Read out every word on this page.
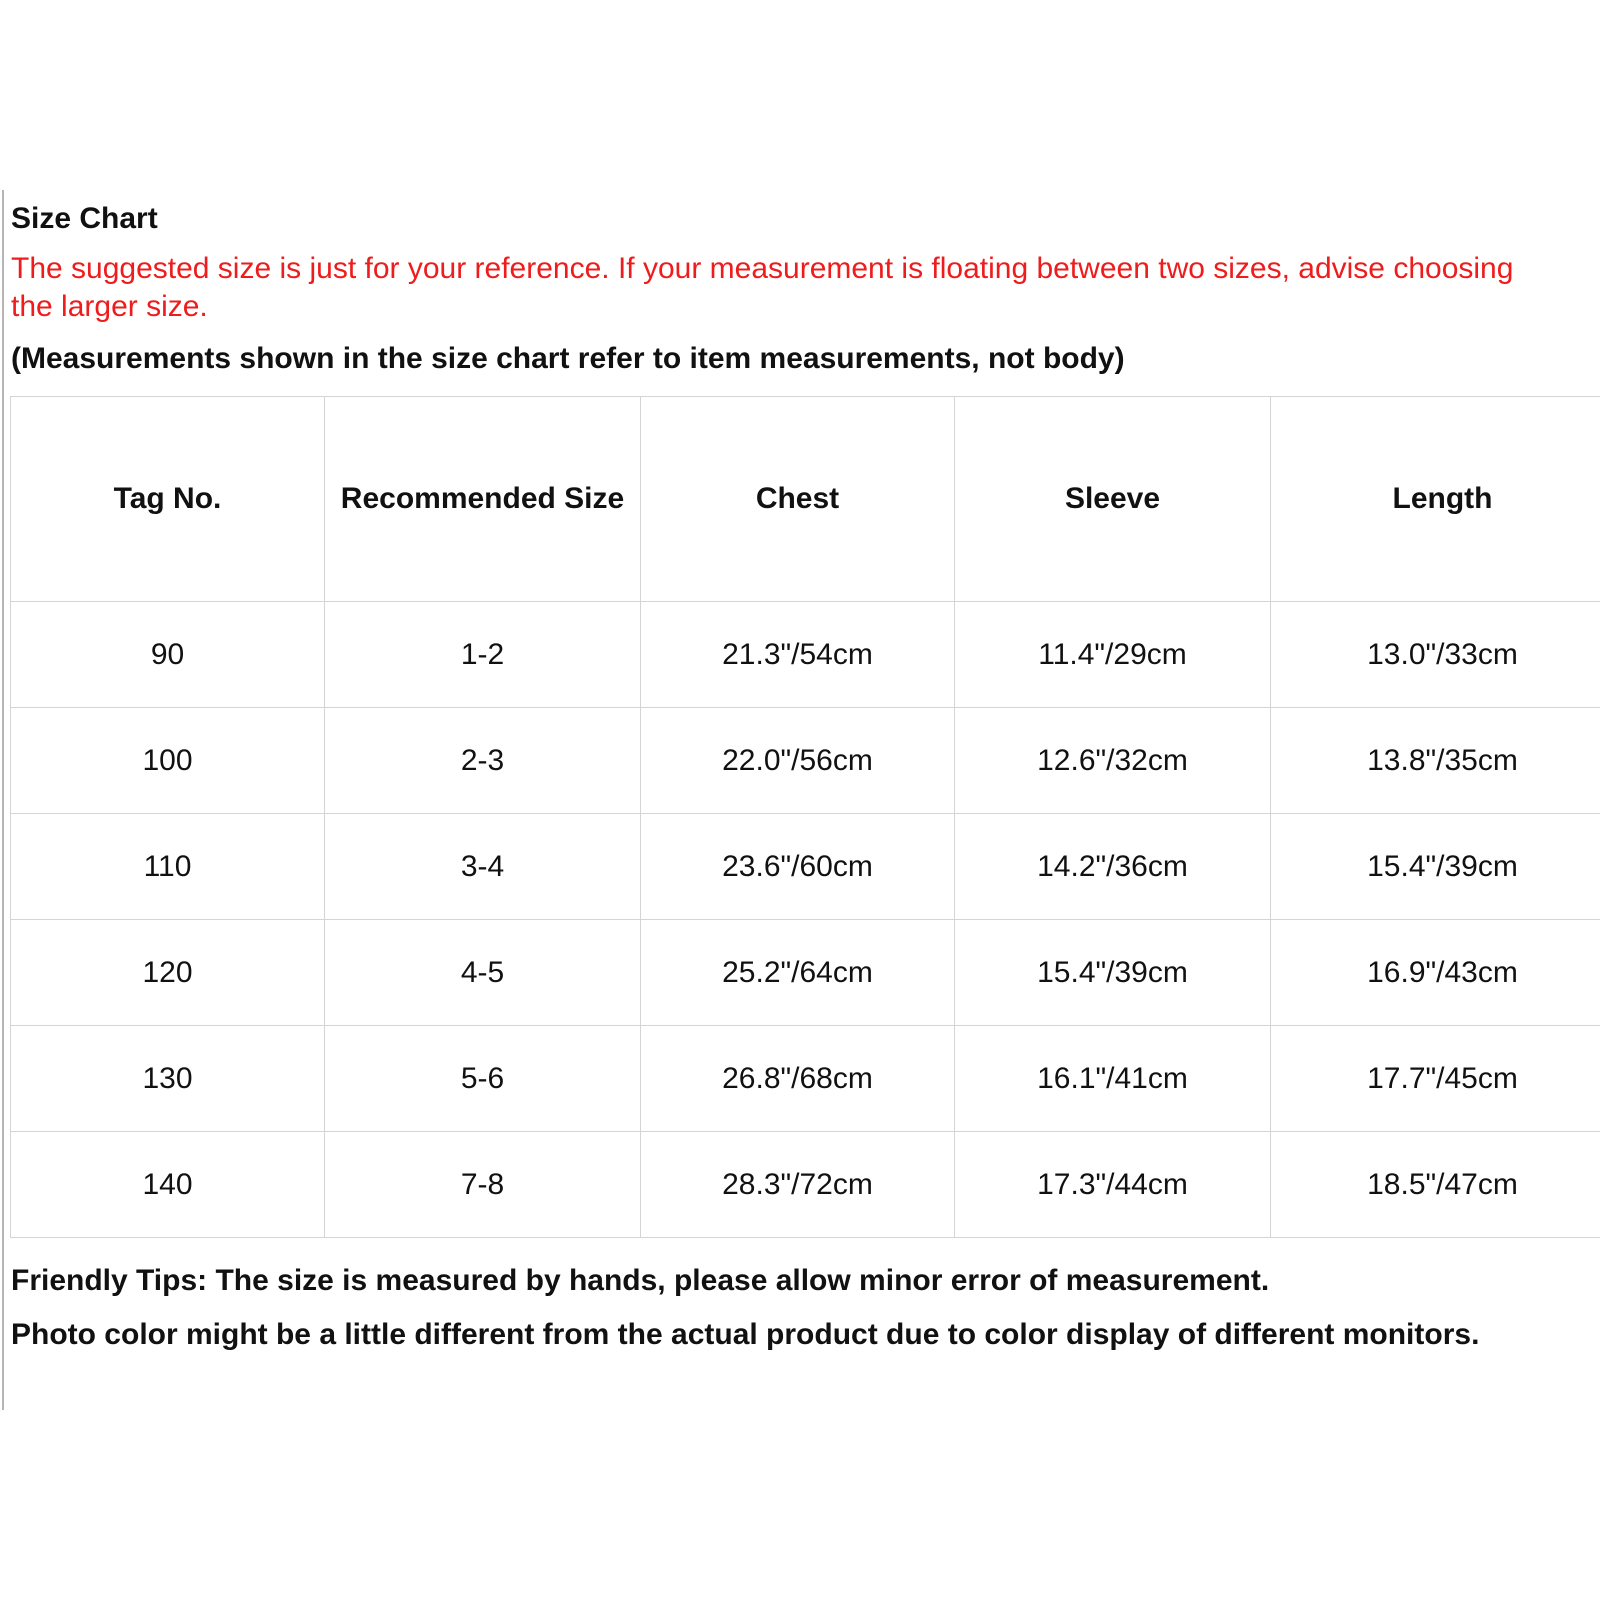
Size Chart
The suggested size is just for your reference. If your measurement is floating between two sizes, advise choosing the larger size.
(Measurements shown in the size chart refer to item measurements, not body)
Tag No.	Recommended Size	Chest	Sleeve	Length
90	1-2	21.3"/54cm	11.4"/29cm	13.0"/33cm
100	2-3	22.0"/56cm	12.6"/32cm	13.8"/35cm
110	3-4	23.6"/60cm	14.2"/36cm	15.4"/39cm
120	4-5	25.2"/64cm	15.4"/39cm	16.9"/43cm
130	5-6	26.8"/68cm	16.1"/41cm	17.7"/45cm
140	7-8	28.3"/72cm	17.3"/44cm	18.5"/47cm

Friendly Tips: The size is measured by hands, please allow minor error of measurement.

Photo color might be a little different from the actual product due to color display of different monitors.
